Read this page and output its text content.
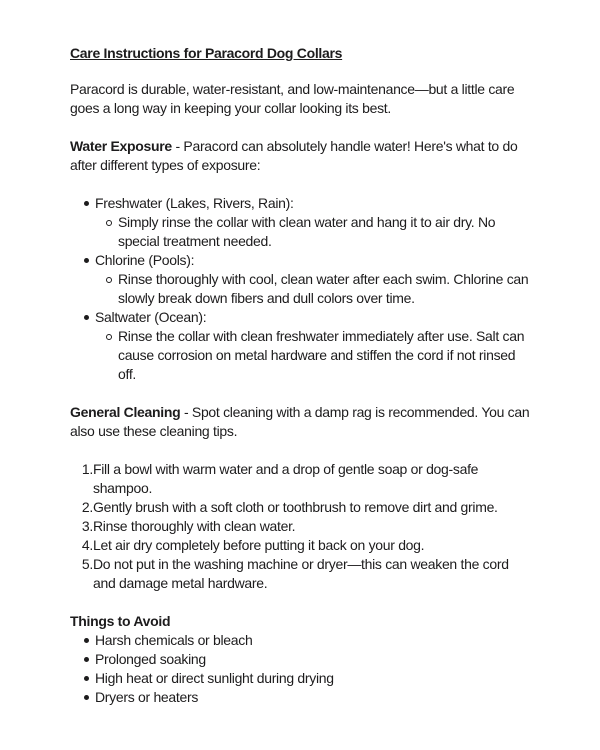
Care Instructions for Paracord Dog Collars

Paracord is durable, water-resistant, and low-maintenance—but a little care goes a long way in keeping your collar looking its best.

Water Exposure - Paracord can absolutely handle water! Here's what to do after different types of exposure:

Freshwater (Lakes, Rivers, Rain):
Simply rinse the collar with clean water and hang it to air dry. No special treatment needed.
Chlorine (Pools):
Rinse thoroughly with cool, clean water after each swim. Chlorine can slowly break down fibers and dull colors over time.
Saltwater (Ocean):
Rinse the collar with clean freshwater immediately after use. Salt can cause corrosion on metal hardware and stiffen the cord if not rinsed off.

General Cleaning - Spot cleaning with a damp rag is recommended. You can also use these cleaning tips.

Fill a bowl with warm water and a drop of gentle soap or dog-safe shampoo.
Gently brush with a soft cloth or toothbrush to remove dirt and grime.
Rinse thoroughly with clean water.
Let air dry completely before putting it back on your dog.
Do not put in the washing machine or dryer—this can weaken the cord and damage metal hardware.

Things to Avoid

Harsh chemicals or bleach
Prolonged soaking
High heat or direct sunlight during drying
Dryers or heaters
